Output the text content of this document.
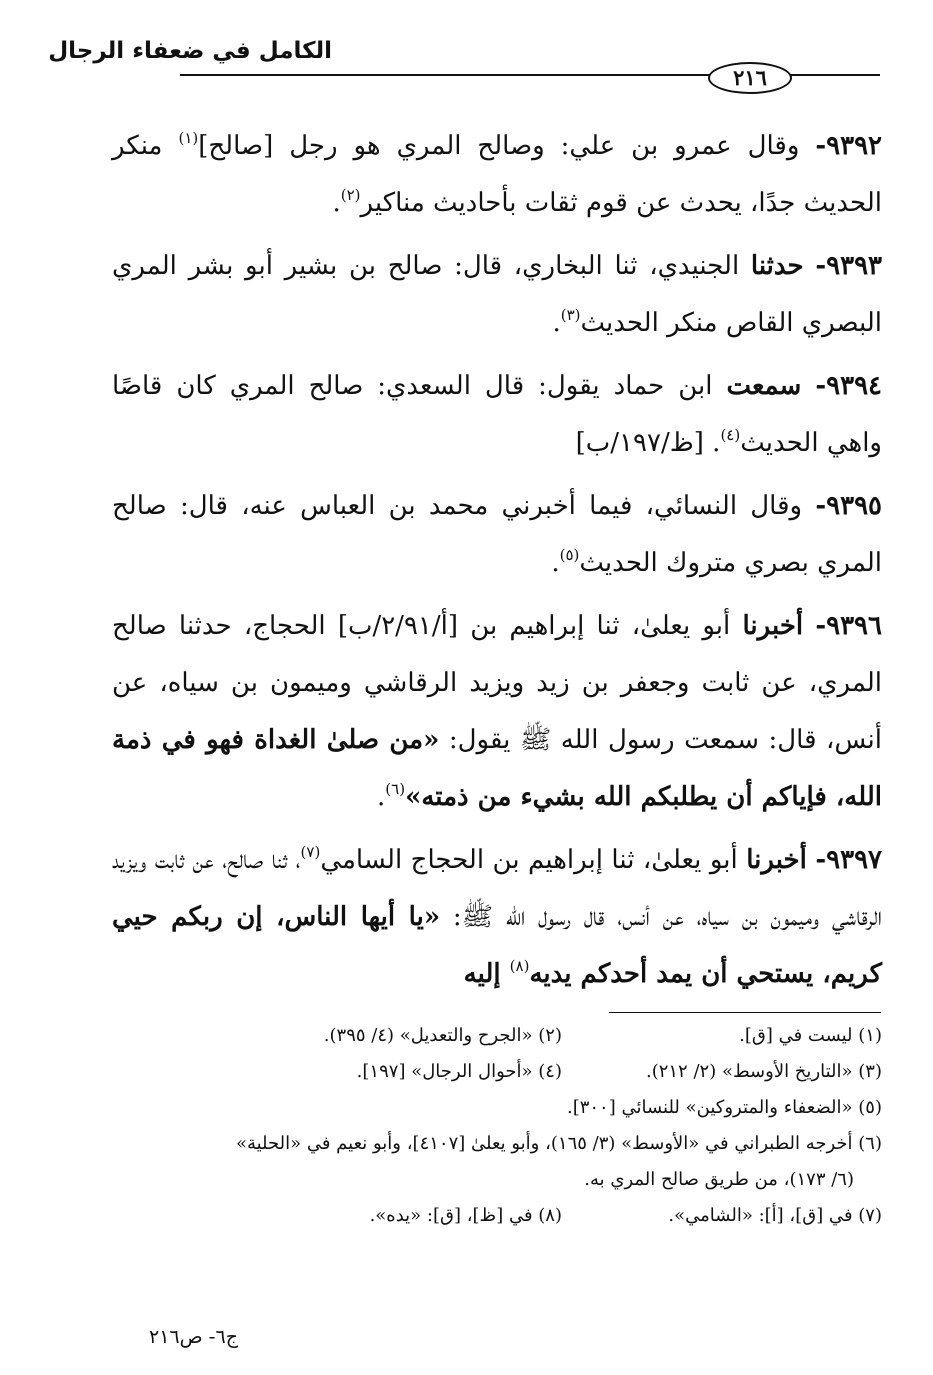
الكامل في ضعفاء الرجال
٢١٦

٩٣٩٢- وقال عمرو بن علي: وصالح المري هو رجل [صالح]$^{(١)}$ منكر الحديث جدًا، يحدث عن قوم ثقات بأحاديث مناكير$^{(٢)}$.

٩٣٩٣- حدثنا الجنيدي، ثنا البخاري، قال: صالح بن بشير أبو بشر المري البصري القاص منكر الحديث$^{(٣)}$.

٩٣٩٤- سمعت ابن حماد يقول: قال السعدي: صالح المري كان قاصًا واهي الحديث$^{(٤)}$. [ظ/١٩٧/ب]

٩٣٩٥- وقال النسائي، فيما أخبرني محمد بن العباس عنه، قال: صالح المري بصري متروك الحديث$^{(٥)}$.

٩٣٩٦- أخبرنا أبو يعلىٰ، ثنا إبراهيم بن [أ/٢/٩١/ب] الحجاج، حدثنا صالح المري، عن ثابت وجعفر بن زيد ويزيد الرقاشي وميمون بن سياه، عن أنس، قال: سمعت رسول الله ﷺ يقول: «من صلىٰ الغداة فهو في ذمة الله، فإياكم أن يطلبكم الله بشيء من ذمته»$^{(٦)}$.

٩٣٩٧- أخبرنا أبو يعلىٰ، ثنا إبراهيم بن الحجاج السامي$^{(٧)}$، ثنا صالح، عن ثابت ويزيد الرقاشي وميمون بن سياه، عن أنس، قال رسول الله ﷺ: «يا أيها الناس، إن ربكم حيي كريم، يستحي أن يمد أحدكم يديه$^{(٨)}$ إليه

(١) ليست في [ق].
(٢) «الجرح والتعديل» (٤/ ٣٩٥).
(٣) «التاريخ الأوسط» (٢/ ٢١٢).
(٤) «أحوال الرجال» [١٩٧].
(٥) «الضعفاء والمتروكين» للنسائي [٣٠٠].
(٦) أخرجه الطبراني في «الأوسط» (٣/ ١٦٥)، وأبو يعلىٰ [٤١٠٧]، وأبو نعيم في «الحلية»
(٦/ ١٧٣)، من طريق صالح المري به.
(٧) في [ق]، [أ]: «الشامي».
(٨) في [ظ]، [ق]: «يده».
ج٦- ص٢١٦
